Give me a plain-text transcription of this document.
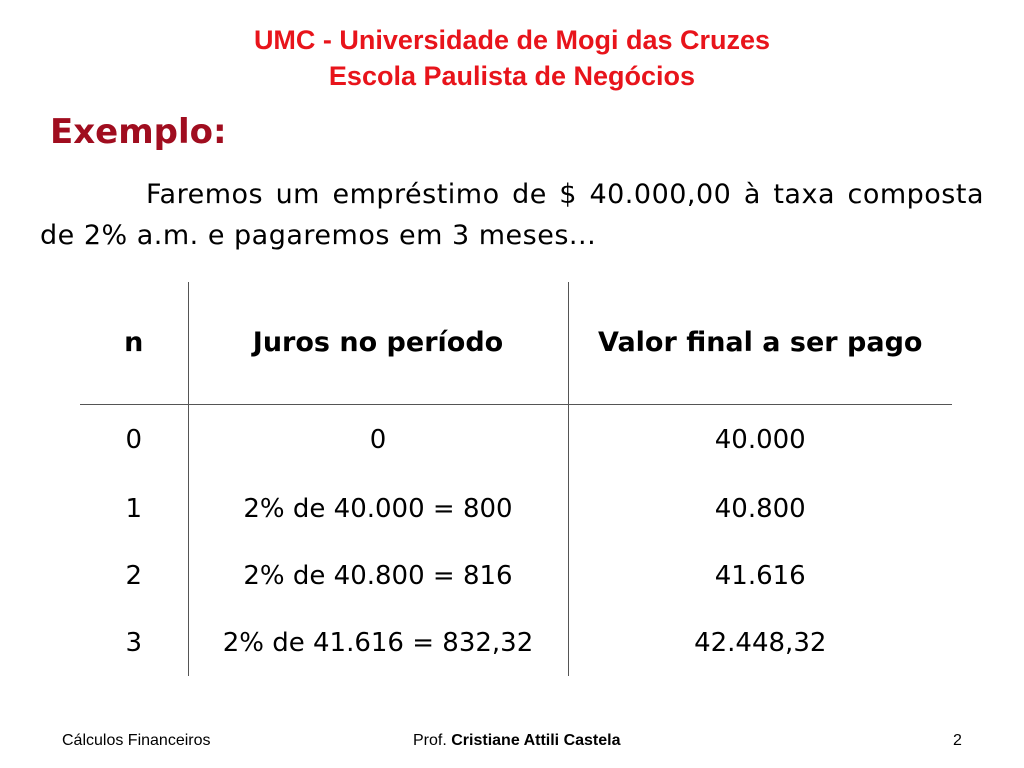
UMC - Universidade de Mogi das Cruzes
Escola Paulista de Negócios
Exemplo:
Faremos um empréstimo de $ 40.000,00 à taxa composta de 2% a.m. e pagaremos em 3 meses...
n	Juros no período	Valor final a ser pago
0	0	40.000
1	2% de 40.000 = 800	40.800
2	2% de 40.800 = 816	41.616
3	2% de 41.616 = 832,32	42.448,32
Cálculos Financeiros	Prof. Cristiane Attili Castela	2
